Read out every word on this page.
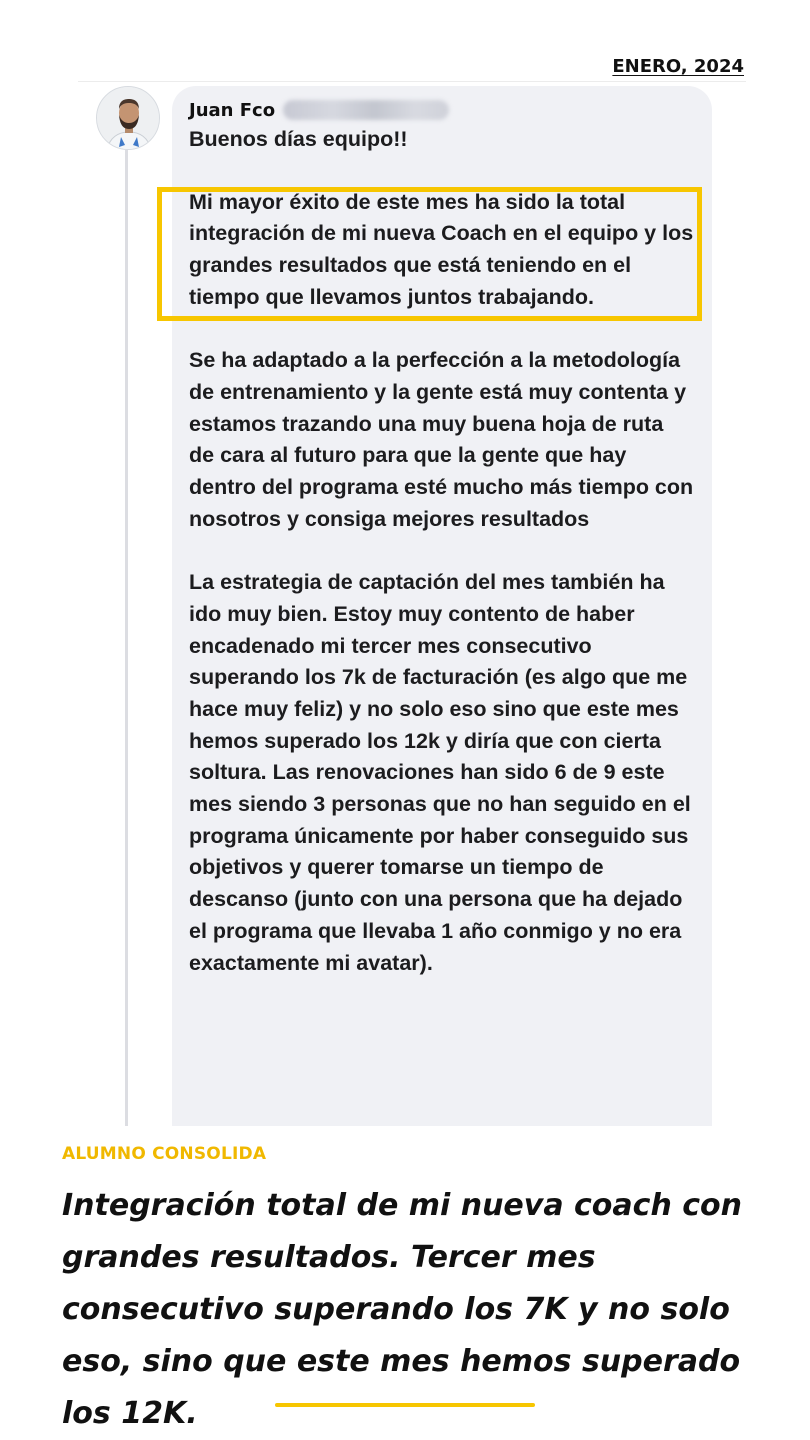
ENERO, 2024
Juan Fco
Buenos días equipo!!
Mi mayor éxito de este mes ha sido la total integración de mi nueva Coach en el equipo y los grandes resultados que está teniendo en el tiempo que llevamos juntos trabajando.
Se ha adaptado a la perfección a la metodología de entrenamiento y la gente está muy contenta y estamos trazando una muy buena hoja de ruta de cara al futuro para que la gente que hay dentro del programa esté mucho más tiempo con nosotros y consiga mejores resultados
La estrategia de captación del mes también ha ido muy bien. Estoy muy contento de haber encadenado mi tercer mes consecutivo superando los 7k de facturación (es algo que me hace muy feliz) y no solo eso sino que este mes hemos superado los 12k y diría que con cierta soltura. Las renovaciones han sido 6 de 9 este mes siendo 3 personas que no han seguido en el programa únicamente por haber conseguido sus objetivos y querer tomarse un tiempo de descanso (junto con una persona que ha dejado el programa que llevaba 1 año conmigo y no era exactamente mi avatar).
ALUMNO CONSOLIDA
Integración total de mi nueva coach con grandes resultados. Tercer mes consecutivo superando los 7K y no solo eso, sino que este mes hemos superado los 12K.
